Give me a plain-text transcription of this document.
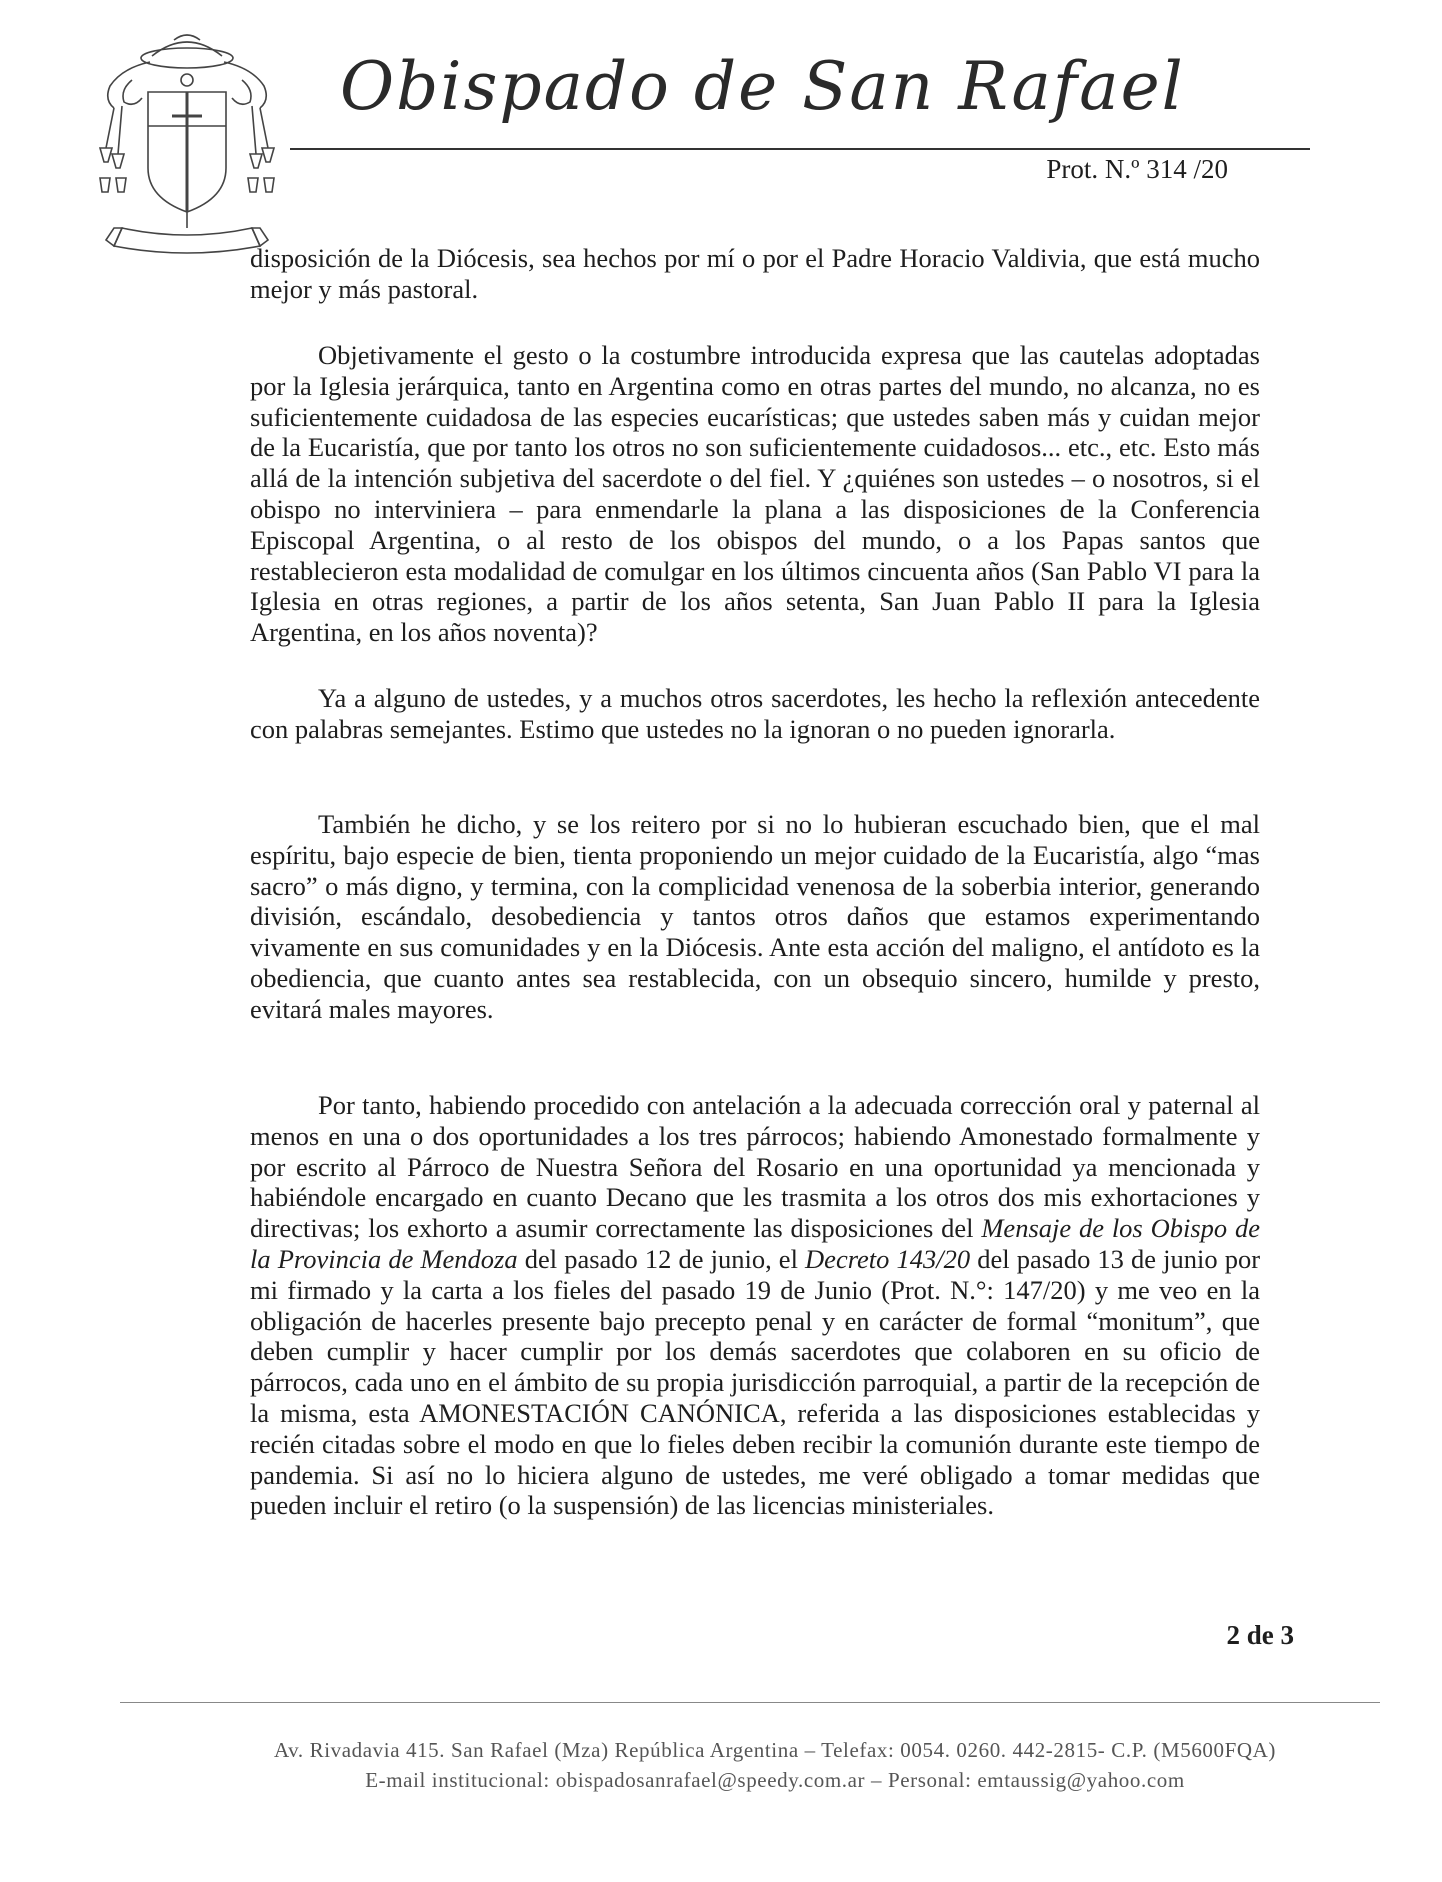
Obispado de San Rafael
Prot. N.º 314 /20

disposición de la Diócesis, sea hechos por mí o por el Padre Horacio Valdivia, que está mucho mejor y más pastoral.

Objetivamente el gesto o la costumbre introducida expresa que las cautelas adoptadas por la Iglesia jerárquica, tanto en Argentina como en otras partes del mundo, no alcanza, no es suficientemente cuidadosa de las especies eucarísticas; que ustedes saben más y cuidan mejor de la Eucaristía, que por tanto los otros no son suficientemente cuidadosos... etc., etc. Esto más allá de la intención subjetiva del sacerdote o del fiel. Y ¿quiénes son ustedes – o nosotros, si el obispo no interviniera – para enmendarle la plana a las disposiciones de la Conferencia Episcopal Argentina, o al resto de los obispos del mundo, o a los Papas santos que restablecieron esta modalidad de comulgar en los últimos cincuenta años (San Pablo VI para la Iglesia en otras regiones, a partir de los años setenta, San Juan Pablo II para la Iglesia Argentina, en los años noventa)?

Ya a alguno de ustedes, y a muchos otros sacerdotes, les hecho la reflexión antecedente con palabras semejantes. Estimo que ustedes no la ignoran o no pueden ignorarla.

También he dicho, y se los reitero por si no lo hubieran escuchado bien, que el mal espíritu, bajo especie de bien, tienta proponiendo un mejor cuidado de la Eucaristía, algo “mas sacro” o más digno, y termina, con la complicidad venenosa de la soberbia interior, generando división, escándalo, desobediencia y tantos otros daños que estamos experimentando vivamente en sus comunidades y en la Diócesis. Ante esta acción del maligno, el antídoto es la obediencia, que cuanto antes sea restablecida, con un obsequio sincero, humilde y presto, evitará males mayores.

Por tanto, habiendo procedido con antelación a la adecuada corrección oral y paternal al menos en una o dos oportunidades a los tres párrocos; habiendo Amonestado formalmente y por escrito al Párroco de Nuestra Señora del Rosario en una oportunidad ya mencionada y habiéndole encargado en cuanto Decano que les trasmita a los otros dos mis exhortaciones y directivas; los exhorto a asumir correctamente las disposiciones del Mensaje de los Obispo de la Provincia de Mendoza del pasado 12 de junio, el Decreto 143/20 del pasado 13 de junio por mi firmado y la carta a los fieles del pasado 19 de Junio (Prot. N.°: 147/20) y me veo en la obligación de hacerles presente bajo precepto penal y en carácter de formal “monitum”, que deben cumplir y hacer cumplir por los demás sacerdotes que colaboren en su oficio de párrocos, cada uno en el ámbito de su propia jurisdicción parroquial, a partir de la recepción de la misma, esta AMONESTACIÓN CANÓNICA, referida a las disposiciones establecidas y recién citadas sobre el modo en que lo fieles deben recibir la comunión durante este tiempo de pandemia. Si así no lo hiciera alguno de ustedes, me veré obligado a tomar medidas que pueden incluir el retiro (o la suspensión) de las licencias ministeriales.

2 de 3
Av. Rivadavia 415. San Rafael (Mza) República Argentina – Telefax: 0054. 0260. 442-2815- C.P. (M5600FQA)
E-mail institucional: obispadosanrafael@speedy.com.ar – Personal: emtaussig@yahoo.com
